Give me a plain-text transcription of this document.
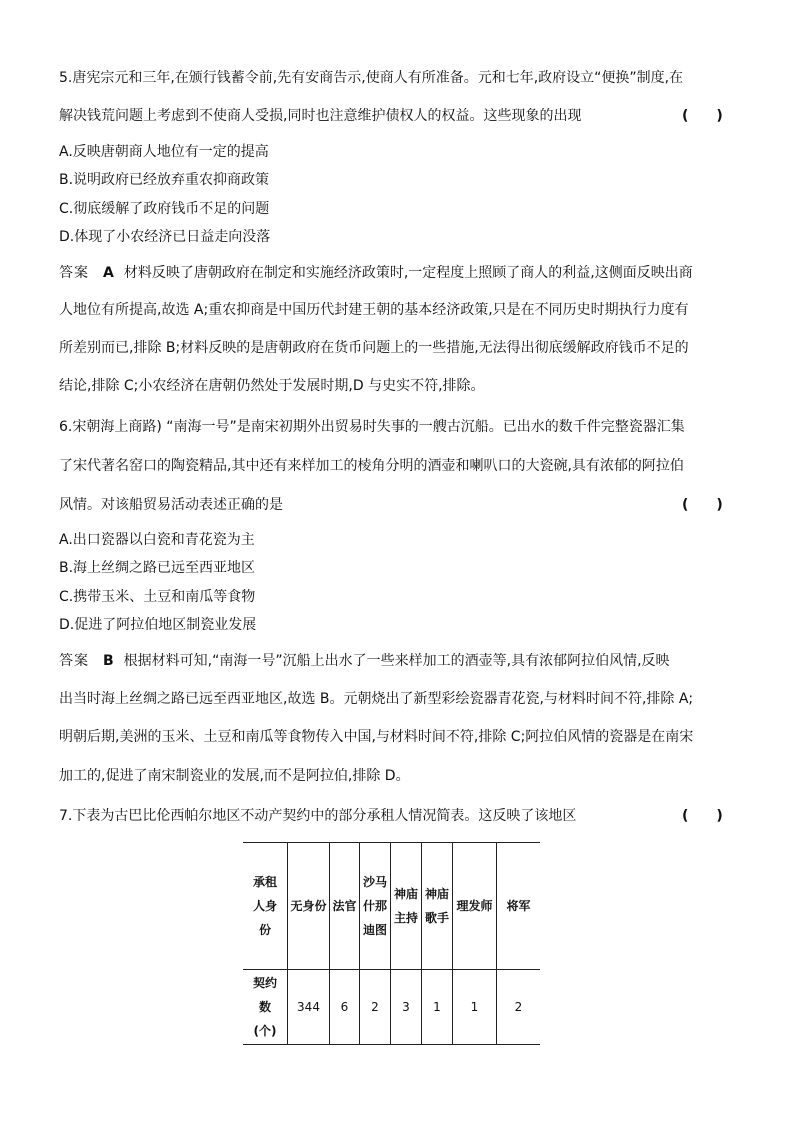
5.唐宪宗元和三年,在颁行钱蓄令前,先有安商告示,使商人有所准备。元和七年,政府设立“便换”制度,在
解决钱荒问题上考虑到不使商人受损,同时也注意维护债权人的权益。这些现象的出现	(　　)
A.反映唐朝商人地位有一定的提高
B.说明政府已经放弃重农抑商政策
C.彻底缓解了政府钱币不足的问题
D.体现了小农经济已日益走向没落
答案 A 材料反映了唐朝政府在制定和实施经济政策时,一定程度上照顾了商人的利益,这侧面反映出商
人地位有所提高,故选 A;重农抑商是中国历代封建王朝的基本经济政策,只是在不同历史时期执行力度有
所差别而已,排除 B;材料反映的是唐朝政府在货币问题上的一些措施,无法得出彻底缓解政府钱币不足的
结论,排除 C;小农经济在唐朝仍然处于发展时期,D 与史实不符,排除。
6.宋朝海上商路) “南海一号”是南宋初期外出贸易时失事的一艘古沉船。已出水的数千件完整瓷器汇集
了宋代著名窑口的陶瓷精品,其中还有来样加工的棱角分明的酒壶和喇叭口的大瓷碗,具有浓郁的阿拉伯
风情。对该船贸易活动表述正确的是	(　　)
A.出口瓷器以白瓷和青花瓷为主
B.海上丝绸之路已远至西亚地区
C.携带玉米、土豆和南瓜等食物
D.促进了阿拉伯地区制瓷业发展
答案 B 根据材料可知,“南海一号”沉船上出水了一些来样加工的酒壶等,具有浓郁阿拉伯风情,反映
出当时海上丝绸之路已远至西亚地区,故选 B。元朝烧出了新型彩绘瓷器青花瓷,与材料时间不符,排除 A;
明朝后期,美洲的玉米、土豆和南瓜等食物传入中国,与材料时间不符,排除 C;阿拉伯风情的瓷器是在南宋
加工的,促进了南宋制瓷业的发展,而不是阿拉伯,排除 D。
7.下表为古巴比伦西帕尔地区不动产契约中的部分承租人情况简表。这反映了该地区	(　　)
承租人身份	无身份	法官	沙马什那迪图	神庙主持	神庙歌手	理发师	将军
契约数(个)	344	6	2	3	1	1	2
